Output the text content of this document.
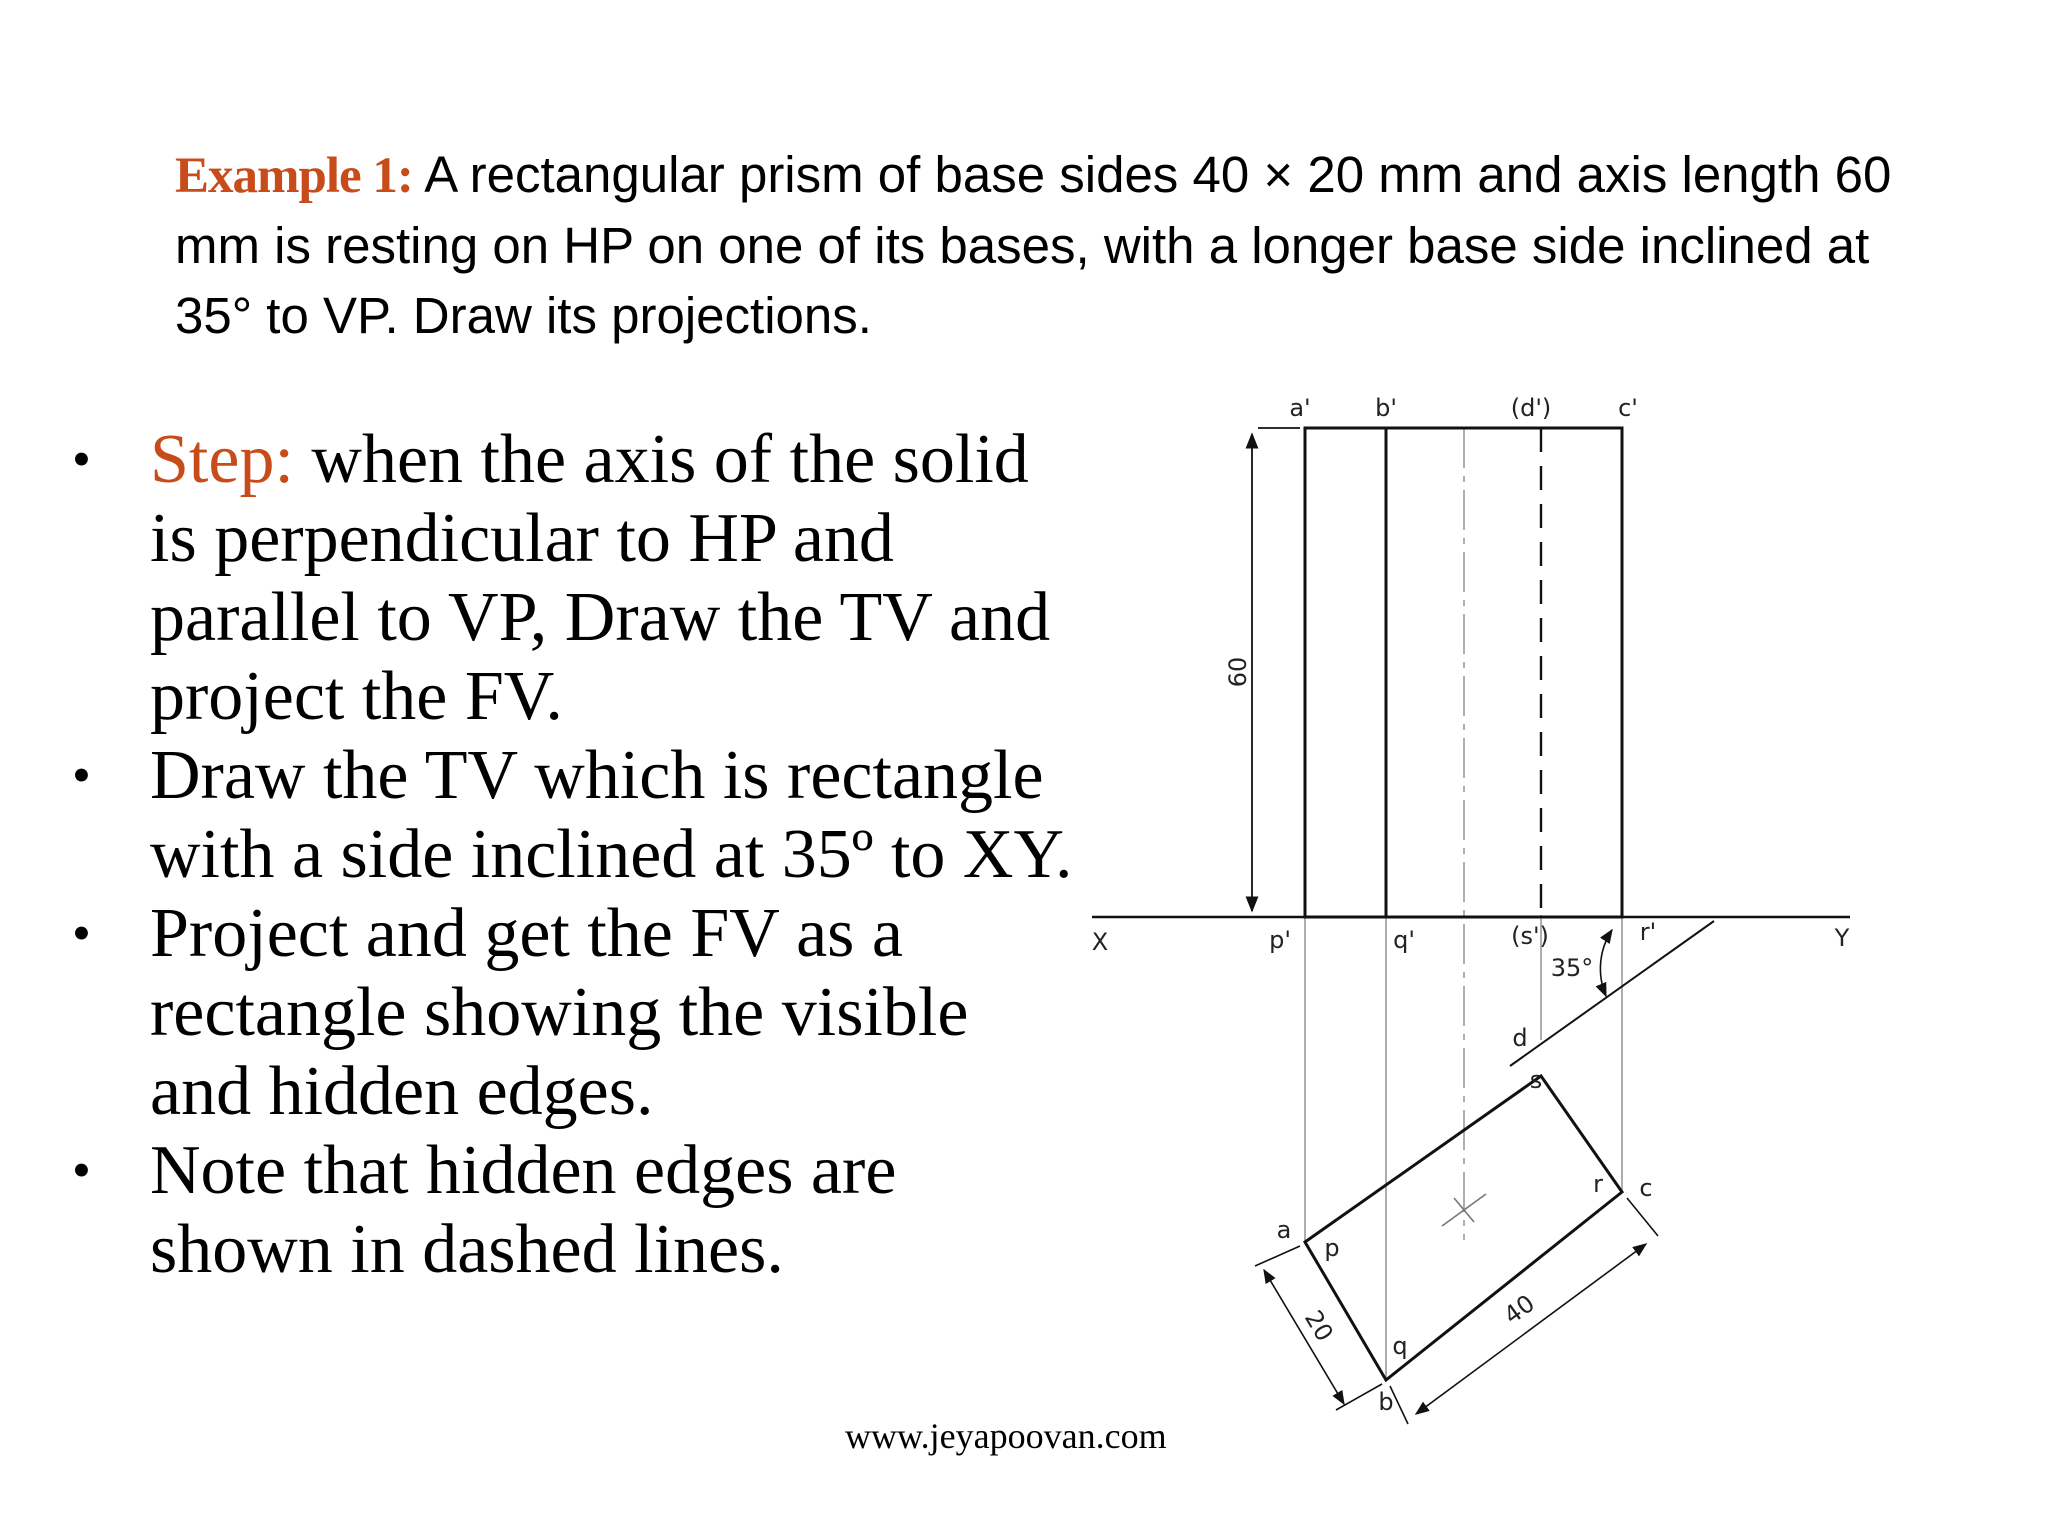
Example 1: A rectangular prism of base sides 40 × 20 mm and axis length 60 mm is resting on HP on one of its bases, with a longer base side inclined at 35° to VP. Draw its projections.
• Step: when the axis of the solid is perpendicular to HP and parallel to VP, Draw the TV and project the FV.
• Draw the TV which is rectangle with a side inclined at 35º to XY.
• Project and get the FV as a rectangle showing the visible and hidden edges.
• Note that hidden edges are shown in dashed lines.
60
20	40
a'	b'	(d')	c'
p'	q'	(s')	r'
X	Y
35°
a
p
b
q
c
r
d
s
www.jeyapoovan.com
